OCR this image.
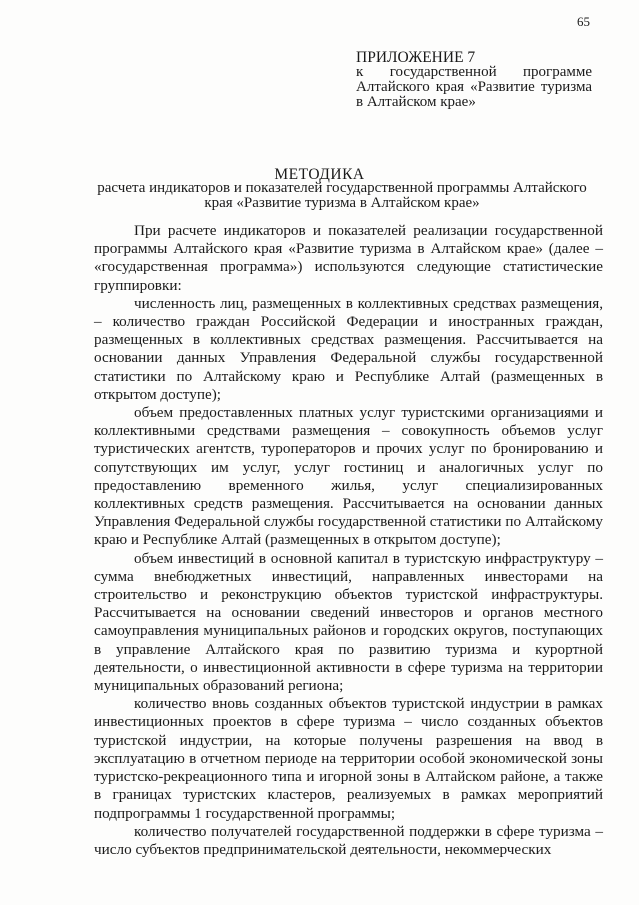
65
ПРИЛОЖЕНИЕ 7
к государственной программе Алтайского края «Развитие туризма в Алтайском крае»
МЕТОДИКА
расчета индикаторов и показателей государственной программы Алтайского края «Развитие туризма в Алтайском крае»

При расчете индикаторов и показателей реализации государственной программы Алтайского края «Развитие туризма в Алтайском крае» (далее – «государственная программа») используются следующие статистические группировки:

численность лиц, размещенных в коллективных средствах размещения, – количество граждан Российской Федерации и иностранных граждан, размещенных в коллективных средствах размещения. Рассчитывается на основании данных Управления Федеральной службы государственной статистики по Алтайскому краю и Республике Алтай (размещенных в открытом доступе);

объем предоставленных платных услуг туристскими организациями и коллективными средствами размещения – совокупность объемов услуг туристических агентств, туроператоров и прочих услуг по бронированию и сопутствующих им услуг, услуг гостиниц и аналогичных услуг по предоставлению временного жилья, услуг специализированных коллективных средств размещения. Рассчитывается на основании данных Управления Федеральной службы государственной статистики по Алтайскому краю и Республике Алтай (размещенных в открытом доступе);

объем инвестиций в основной капитал в туристскую инфраструктуру – сумма внебюджетных инвестиций, направленных инвесторами на строительство и реконструкцию объектов туристской инфраструктуры. Рассчитывается на основании сведений инвесторов и органов местного самоуправления муниципальных районов и городских округов, поступающих в управление Алтайского края по развитию туризма и курортной деятельности, о инвестиционной активности в сфере туризма на территории муниципальных образований региона;

количество вновь созданных объектов туристской индустрии в рамках инвестиционных проектов в сфере туризма – число созданных объектов туристской индустрии, на которые получены разрешения на ввод в эксплуатацию в отчетном периоде на территории особой экономической зоны туристско-рекреационного типа и игорной зоны в Алтайском районе, а также в границах туристских кластеров, реализуемых в рамках мероприятий подпрограммы 1 государственной программы;

количество получателей государственной поддержки в сфере туризма – число субъектов предпринимательской деятельности, некоммерческих
